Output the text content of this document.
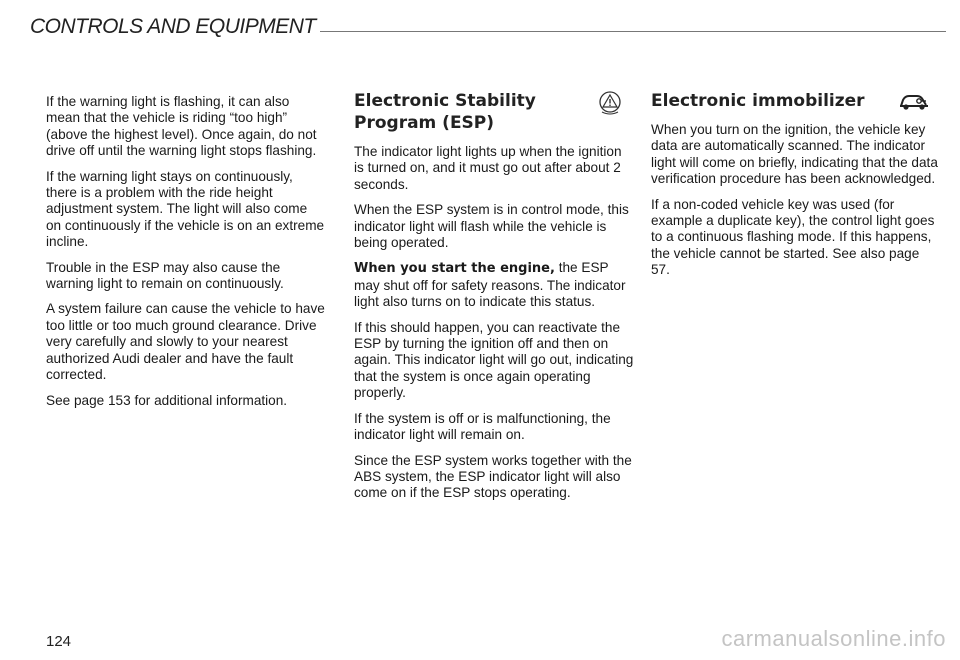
CONTROLS AND EQUIPMENT

If the warning light is flashing, it can also mean that the vehicle is riding “too high” (above the highest level). Once again, do not drive off until the warning light stops flashing.

If the warning light stays on continuously, there is a problem with the ride height adjustment system. The light will also come on continuously if the vehicle is on an extreme incline.

Trouble in the ESP may also cause the warning light to remain on continuously.

A system failure can cause the vehicle to have too little or too much ground clearance. Drive very carefully and slowly to your nearest authorized Audi dealer and have the fault corrected.

See page 153 for additional information.

Electronic Stability
Program (ESP)

The indicator light lights up when the ignition is turned on, and it must go out after about 2 seconds.

When the ESP system is in control mode, this indicator light will flash while the vehicle is being operated.

When you start the engine, the ESP may shut off for safety reasons. The indicator light also turns on to indicate this status.

If this should happen, you can reactivate the ESP by turning the ignition off and then on again. This indicator light will go out, indicating that the system is once again operating properly.

If the system is off or is malfunctioning, the indicator light will remain on.

Since the ESP system works together with the ABS system, the ESP indicator light will also come on if the ESP stops operating.

Electronic immobilizer

When you turn on the ignition, the vehicle key data are automatically scanned. The indicator light will come on briefly, indicating that the data verification procedure has been acknowledged.

If a non-coded vehicle key was used (for example a duplicate key), the control light goes to a continuous flashing mode. If this happens, the vehicle cannot be started. See also page 57.

124	carmanualsonline.info
